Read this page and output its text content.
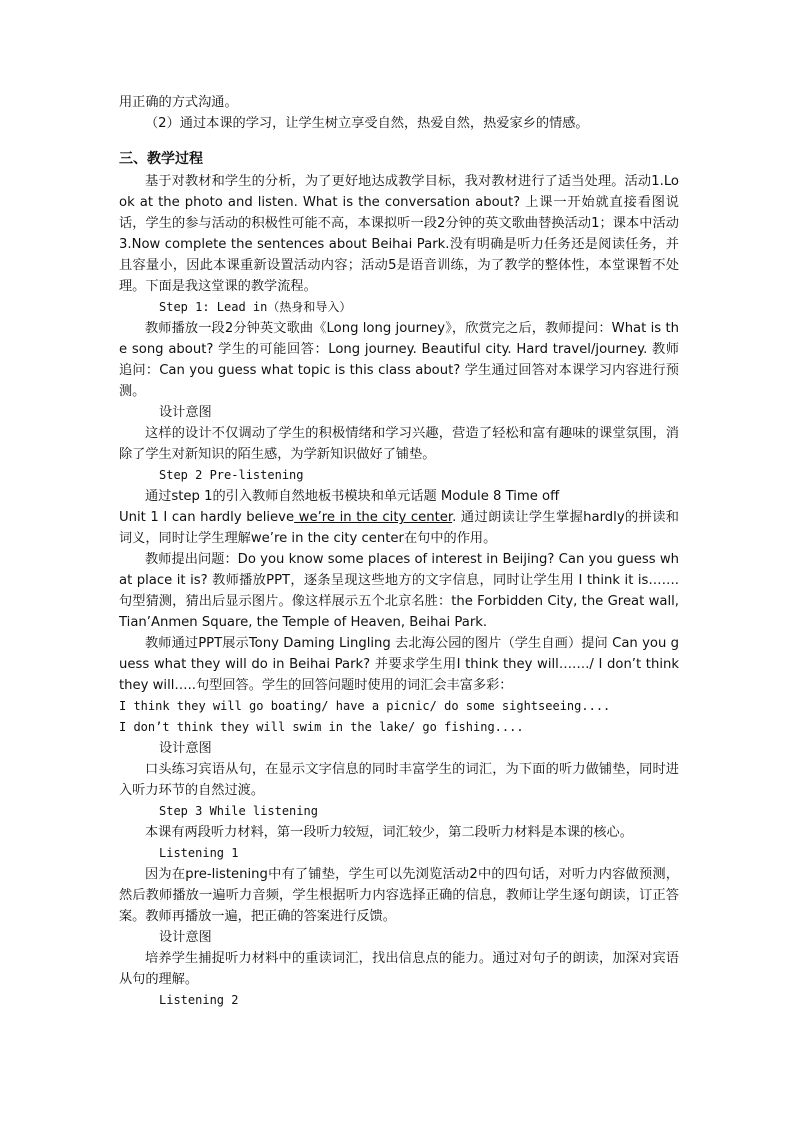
用正确的方式沟通。

（2）通过本课的学习，让学生树立享受自然，热爱自然，热爱家乡的情感。

三、教学过程

基于对教材和学生的分析，为了更好地达成教学目标，我对教材进行了适当处理。活动1.Look at the photo and listen. What is the conversation about? 上课一开始就直接看图说话，学生的参与活动的积极性可能不高，本课拟听一段2分钟的英文歌曲替换活动1；课本中活动3.Now complete the sentences about Beihai Park.没有明确是听力任务还是阅读任务，并且容量小，因此本课重新设置活动内容；活动5是语音训练，为了教学的整体性，本堂课暂不处理。下面是我这堂课的教学流程。

Step 1: Lead in（热身和导入）

教师播放一段2分钟英文歌曲《Long long journey》，欣赏完之后，教师提问：What is the song about? 学生的可能回答：Long journey. Beautiful city. Hard travel/journey. 教师追问：Can you guess what topic is this class about? 学生通过回答对本课学习内容进行预测。

设计意图

这样的设计不仅调动了学生的积极情绪和学习兴趣，营造了轻松和富有趣味的课堂氛围，消除了学生对新知识的陌生感，为学新知识做好了铺垫。

Step 2 Pre-listening

通过step 1的引入教师自然地板书模块和单元话题 Module 8 Time off

Unit 1 I can hardly believe we’re in the city center. 通过朗读让学生掌握hardly的拼读和词义，同时让学生理解we’re in the city center在句中的作用。

教师提出问题：Do you know some places of interest in Beijing? Can you guess what place it is? 教师播放PPT，逐条呈现这些地方的文字信息，同时让学生用 I think it is……. 句型猜测，猜出后显示图片。像这样展示五个北京名胜：the Forbidden City, the Great wall, Tian’Anmen Square, the Temple of Heaven, Beihai Park.

教师通过PPT展示Tony Daming Lingling 去北海公园的图片（学生自画）提问 Can you guess what they will do in Beihai Park? 并要求学生用I think they will……./ I don’t think they will…..句型回答。学生的回答问题时使用的词汇会丰富多彩：

I think they will go boating/ have a picnic/ do some sightseeing....

I don’t think they will swim in the lake/ go fishing....

设计意图

口头练习宾语从句，在显示文字信息的同时丰富学生的词汇，为下面的听力做铺垫，同时进入听力环节的自然过渡。

Step 3 While listening

本课有两段听力材料，第一段听力较短，词汇较少，第二段听力材料是本课的核心。

Listening 1

因为在pre-listening中有了铺垫，学生可以先浏览活动2中的四句话，对听力内容做预测，然后教师播放一遍听力音频，学生根据听力内容选择正确的信息，教师让学生逐句朗读，订正答案。教师再播放一遍，把正确的答案进行反馈。

设计意图

培养学生捕捉听力材料中的重读词汇，找出信息点的能力。通过对句子的朗读，加深对宾语从句的理解。

Listening 2
